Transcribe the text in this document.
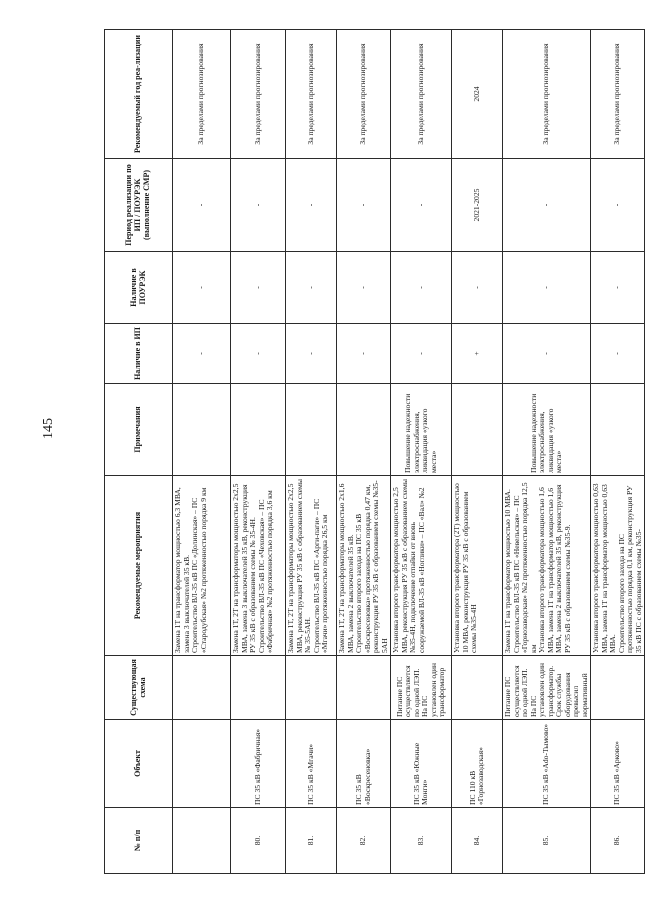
145
№ п/п	Объект	Существующая схема	Рекомендуемые мероприятия	Примечания	Наличие в ИП	Наличие в ПОУРЭК	Период реализации по ИП / ПОУРЭК (выполнение СМР)	Рекомендуемый год реа-лизации

			Замена 1Т на трансформатор мощностью 6,3 МВА, замена 3 выключателей 35 кВ. Строительство ВЛ-35 кВ ПС «Долинская» – ПС «Стародубская» №2 протяженностью порядка 9 км		-	-	-	За пределами прогнозирования
80.	ПС 35 кВ «Фабричная»		Замена 1Т, 2Т на трансформаторы мощностью 2х2,5 МВА, замена 3 выключателей 35 кВ, реконструкция РУ 35 кВ с образованием схемы № 35-4Н. Строительство ВЛ-35 кВ ПС «Чеховская» – ПС «Фабричная» №2 протяженностью порядка 3,6 км		-	-	-	За пределами прогнозирования
81.	ПС 35 кВ «Мгачи»		Замена 1Т, 2Т на трансформаторы мощностью 2х2,5 МВА, реконструкция РУ 35 кВ с образованием схемы № 35-5АН. Строительство ВЛ-35 кВ ПС «Арги-паги» – ПС «Мгачи» протяженностью порядка 26,5 км		-	-	-	За пределами прогнозирования
82.	ПС 35 кВ «Воскресеновка»		Замена 1Т, 2Т на трансформаторы мощностью 2х1,6 МВА, замена 2 выключателей 35 кВ. Строительство второго захода на ПС 35 кВ «Воскресеновка» протяженностью порядка 0,47 км, реконструкция РУ 35 кВ с образованием схемы №35-5АН		-	-	-	За пределами прогнозирования
83.	ПС 35 кВ «Южные Монги»	Питание ПС осуществляется по одной ЛЭП. На ПС установлен один трансформатор	Установка второго трансформатора мощностью 2,5 МВА, реконструкция РУ 35 кВ с образованием схемы №35-4Н, подключение отпайки от вновь сооружаемой ВЛ-35 кВ «Ноглики» – ПС «Вал» №2	Повышение надежности электроснабжения, ликвидация «узкого места»	-	-	-	За пределами прогнозирования
84.	ПС 110 кВ «Горнозаводская»		Установка второго трансформатора (2Т) мощностью 10 МВА, реконструкция РУ 35 кВ с образованием схемы №35-4Н		+	-	2021-2025	2024
85.	ПС 35 кВ «Ado-Тымово»	Питание ПС осуществляется по одной ЛЭП. На ПС установлен один трансформатор. Срок службы оборудования превысил нормативный	Замена 1Т на трансформатор мощностью 10 МВА. Строительство ВЛ-35 кВ ПС «Невельская» – ПС «Горнозаводская» №2 протяженностью порядка 12,5 км Установка второго трансформатора мощностью 1,6 МВА, замена 1Т на трансформатор мощностью 1,6 МВА, замена 2 выключателей 35 кВ, реконструкция РУ 35 кВ с образованием схемы №35-9.	Повышение надежности электроснабжения, ликвидация «узкого места»	-	-	-	За пределами прогнозирования
86.	ПС 35 кВ «Арково»		Установка второго трансформатора мощностью 0,63 МВА, замена 1Т на трансформатор мощностью 0,63 МВА. Строительство второго захода на ПС протяженностью порядка 0,1 км, реконструкция РУ 35 кВ ПС с образованием схемы №35-		-	-	-	За пределами прогнозирования
